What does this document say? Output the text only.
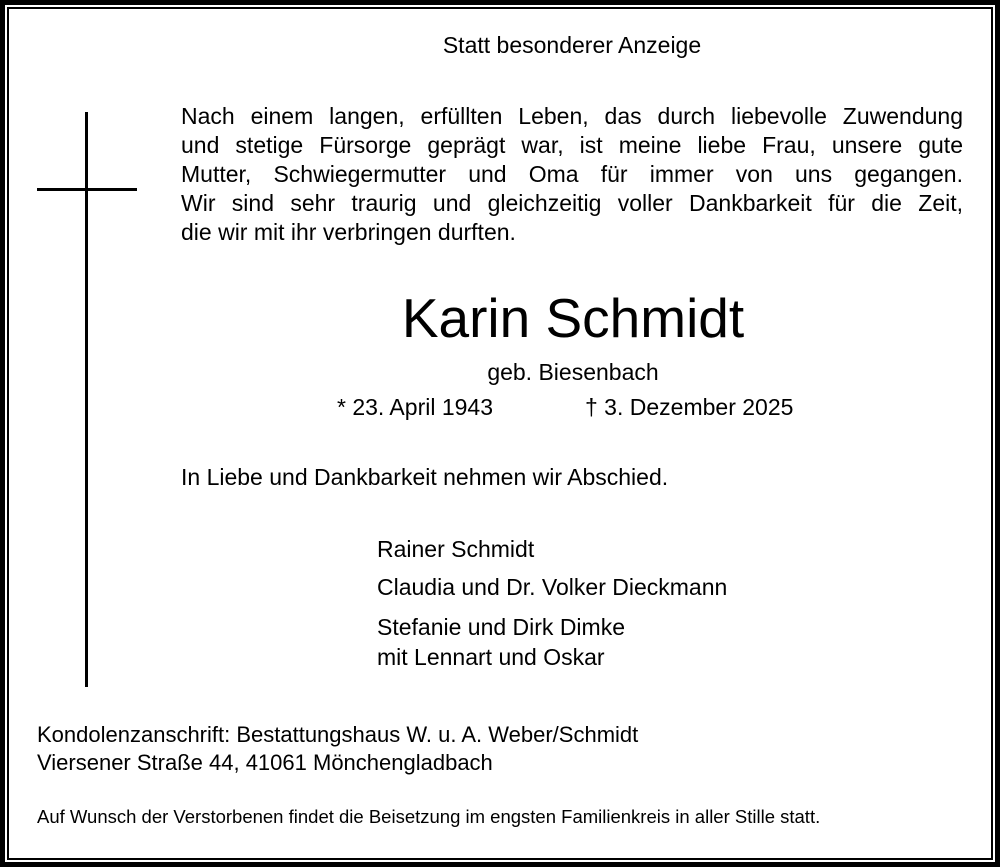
Statt besonderer Anzeige
Nach einem langen, erfüllten Leben, das durch liebevolle Zuwendung
und stetige Fürsorge geprägt war, ist meine liebe Frau, unsere gute
Mutter, Schwiegermutter und Oma für immer von uns gegangen.
Wir sind sehr traurig und gleichzeitig voller Dankbarkeit für die Zeit,
die wir mit ihr verbringen durften.
Karin Schmidt
geb. Biesenbach
* 23. April 1943	† 3. Dezember 2025
In Liebe und Dankbarkeit nehmen wir Abschied.
Rainer Schmidt
Claudia und Dr. Volker Dieckmann
Stefanie und Dirk Dimke
mit Lennart und Oskar
Kondolenzanschrift: Bestattungshaus W. u. A. Weber/Schmidt
Viersener Straße 44, 41061 Mönchengladbach
Auf Wunsch der Verstorbenen findet die Beisetzung im engsten Familienkreis in aller Stille statt.
